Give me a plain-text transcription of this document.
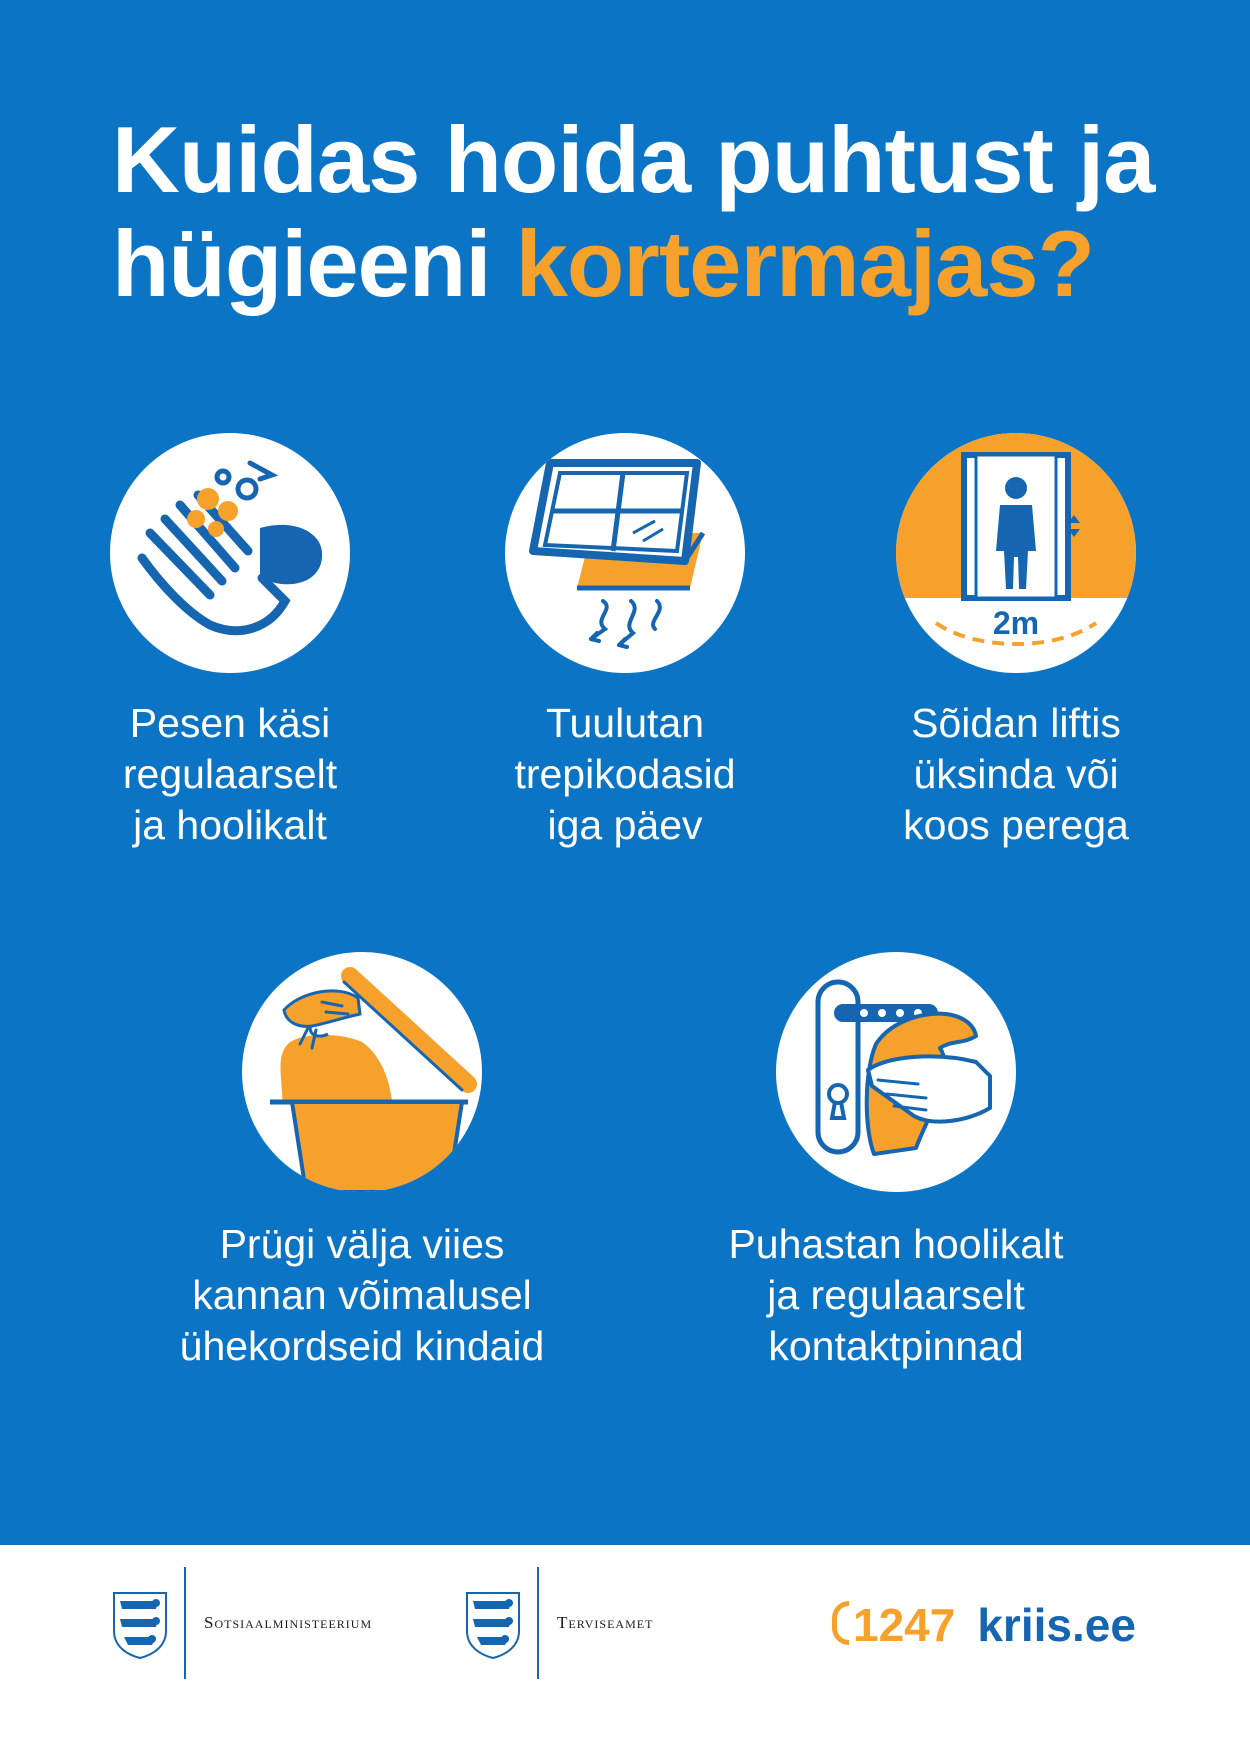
Kuidas hoida puhtust ja
hügieeni kortermajas?

Pesen käsi
regulaarselt
ja hoolikalt

Tuulutan
trepikodasid
iga päev

2m

Sõidan liftis
üksinda või
koos perega

Prügi välja viies
kannan võimalusel
ühekordseid kindaid

Puhastan hoolikalt
ja regulaarselt
kontaktpinnad

Sotsiaalministeerium	Terviseamet	1247 kriis.ee
